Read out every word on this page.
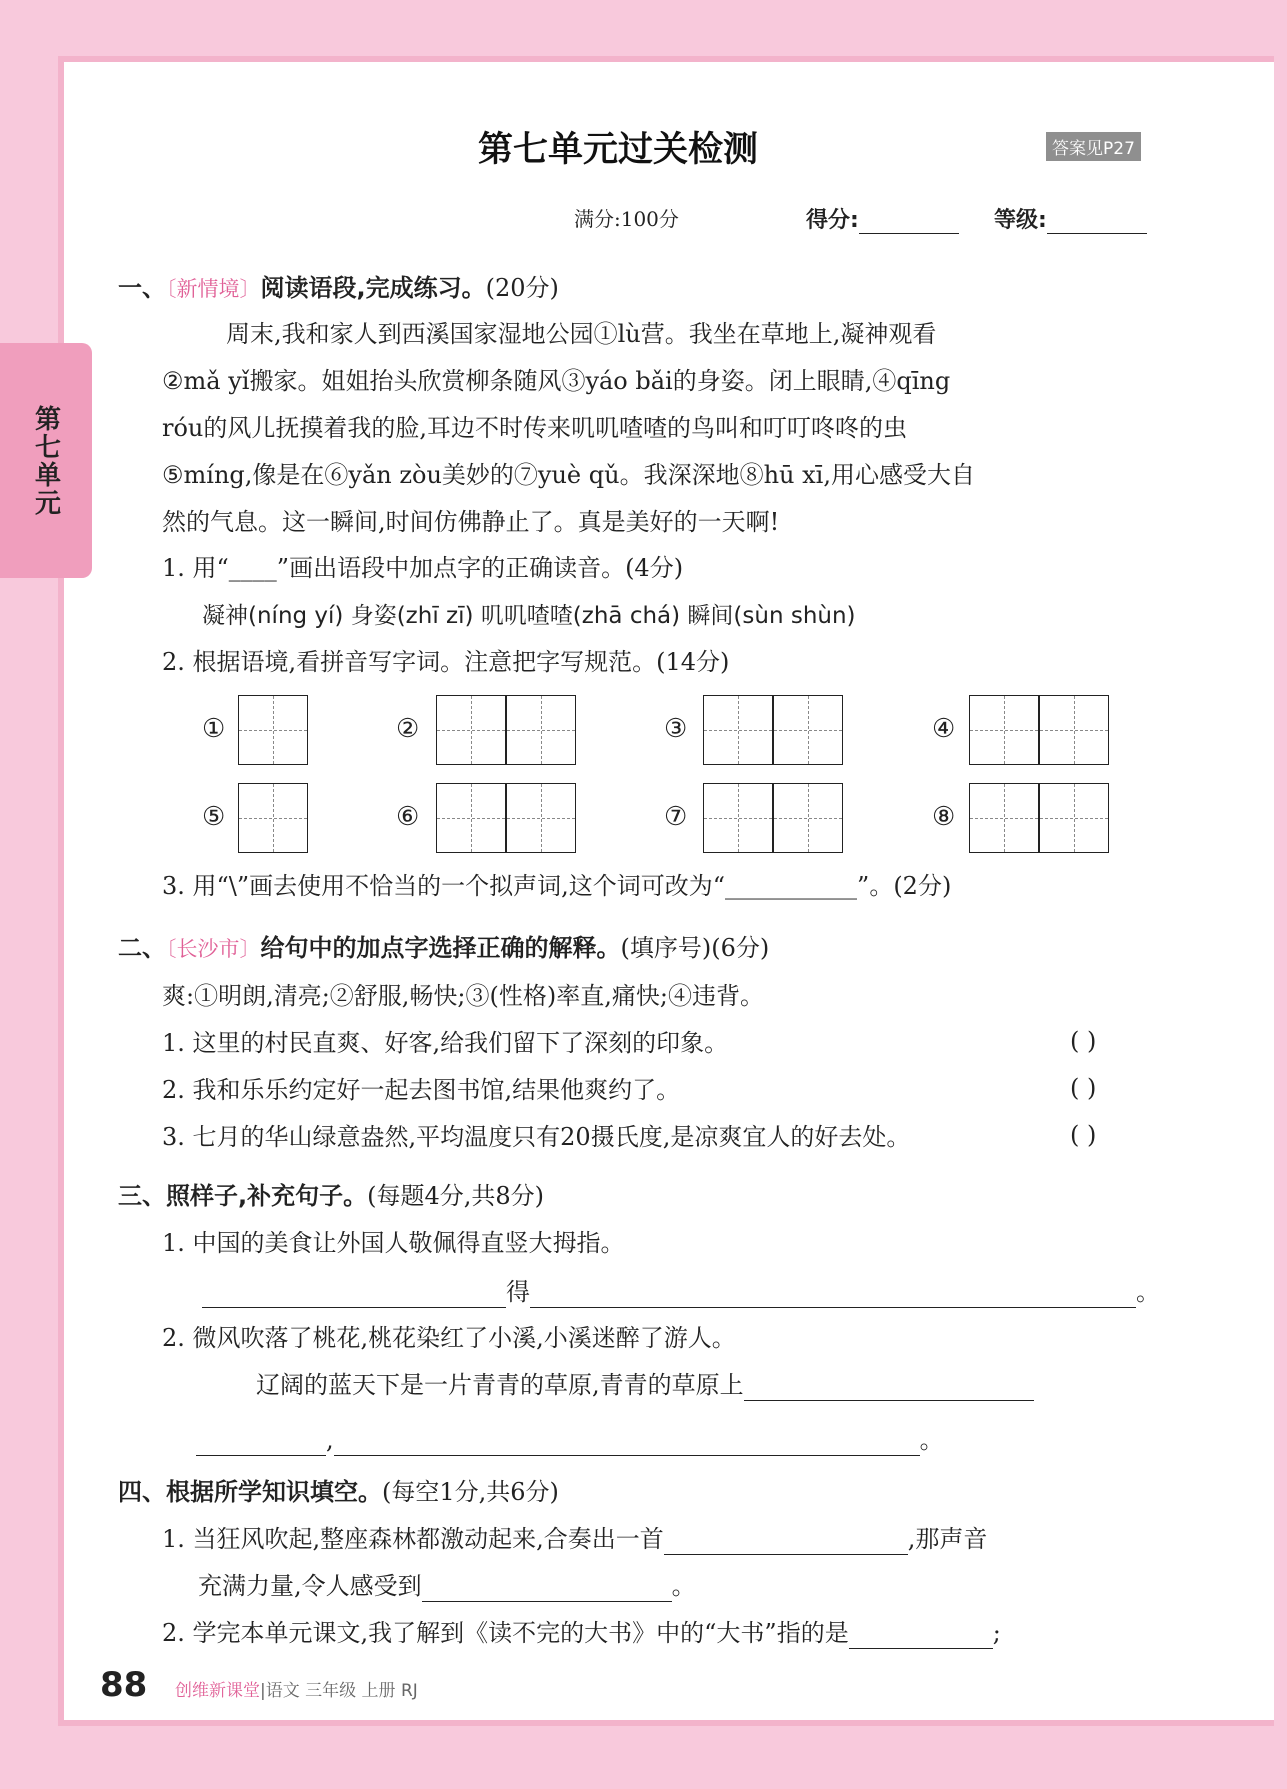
第七单元
第七单元过关检测	答案见P27
满分:100分	得分:	等级:
一、〔新情境〕阅读语段,完成练习。(20分)
周末,我和家人到西溪国家湿地公园①lù营。我坐在草地上,凝神观看
②mǎ yǐ搬家。姐姐抬头欣赏柳条随风③yáo bǎi的身姿。闭上眼睛,④qīng
róu的风儿抚摸着我的脸,耳边不时传来叽叽喳喳的鸟叫和叮叮咚咚的虫
⑤míng,像是在⑥yǎn zòu美妙的⑦yuè qǔ。我深深地⑧hū xī,用心感受大自
然的气息。这一瞬间,时间仿佛静止了。真是美好的一天啊!
1. 用“____”画出语段中加点字的正确读音。(4分)
凝神(níng yí) 身姿(zhī zī) 叽叽喳喳(zhā chá) 瞬间(sùn shùn)
2. 根据语境,看拼音写字词。注意把字写规范。(14分)
①	②	③	④
⑤	⑥	⑦	⑧
3. 用“\”画去使用不恰当的一个拟声词,这个词可改为“___________”。(2分)
二、〔长沙市〕给句中的加点字选择正确的解释。(填序号)(6分)
爽:①明朗,清亮;②舒服,畅快;③(性格)率直,痛快;④违背。
1. 这里的村民直爽、好客,给我们留下了深刻的印象。	( )
2. 我和乐乐约定好一起去图书馆,结果他爽约了。	( )
3. 七月的华山绿意盎然,平均温度只有20摄氏度,是凉爽宜人的好去处。	( )
三、照样子,补充句子。(每题4分,共8分)
1. 中国的美食让外国人敬佩得直竖大拇指。
得	。
2. 微风吹落了桃花,桃花染红了小溪,小溪迷醉了游人。
辽阔的蓝天下是一片青青的草原,青青的草原上
,	。
四、根据所学知识填空。(每空1分,共6分)
1. 当狂风吹起,整座森林都激动起来,合奏出一首	,那声音
充满力量,令人感受到	。
2. 学完本单元课文,我了解到《读不完的大书》中的“大书”指的是	;
88 创维新课堂|语文 三年级 上册 RJ
